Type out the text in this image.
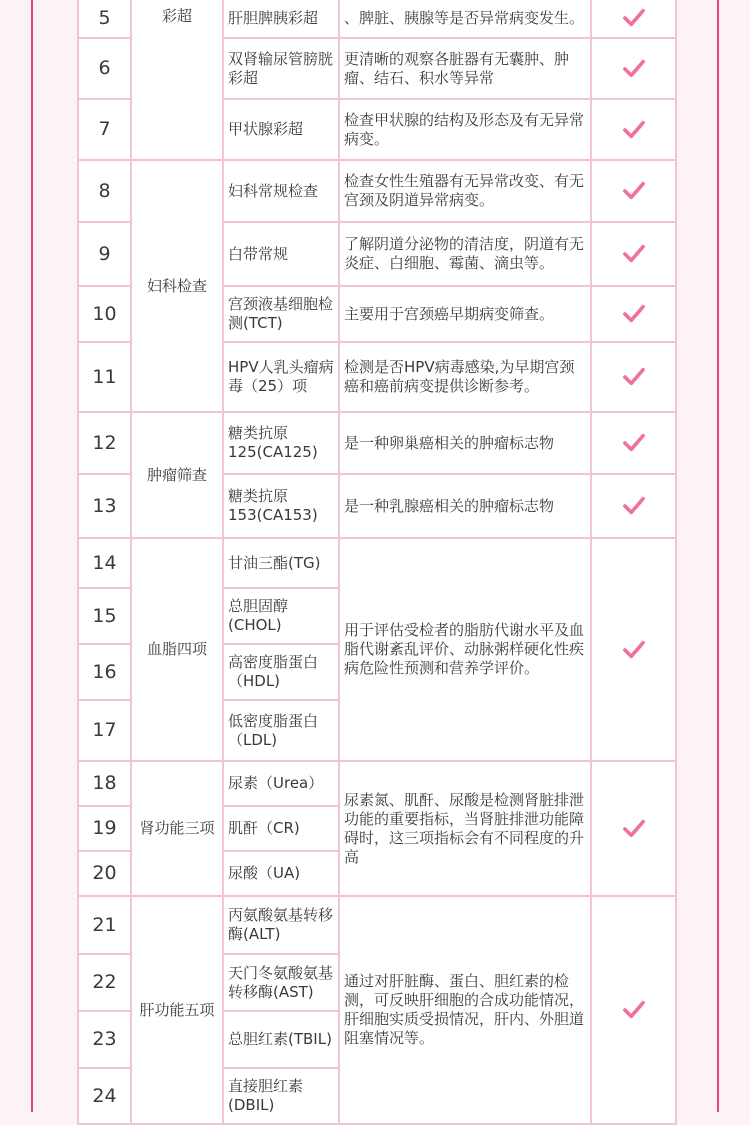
5	彩超	肝胆脾胰彩超	、脾脏、胰腺等是否异常病变发生。	
6		双肾输尿管膀胱彩超	更清晰的观察各脏器有无囊肿、肿瘤、结石、积水等异常	
7		甲状腺彩超	检查甲状腺的结构及形态及有无异常病变。	
8	妇科检查	妇科常规检查	检查女性生殖器有无异常改变、有无宫颈及阴道异常病变。	
9		白带常规	了解阴道分泌物的清洁度，阴道有无炎症、白细胞、霉菌、滴虫等。	
10		宫颈液基细胞检测(TCT)	主要用于宫颈癌早期病变筛查。	
11		HPV人乳头瘤病毒（25）项	检测是否HPV病毒感染,为早期宫颈癌和癌前病变提供诊断参考。	
12	肿瘤筛查	糖类抗原125(CA125)	是一种卵巢癌相关的肿瘤标志物	
13		糖类抗原153(CA153)	是一种乳腺癌相关的肿瘤标志物	
14	血脂四项	甘油三酯(TG)	用于评估受检者的脂肪代谢水平及血脂代谢紊乱评价、动脉粥样硬化性疾病危险性预测和营养学评价。	
15		总胆固醇(CHOL)		
16		高密度脂蛋白（HDL)		
17		低密度脂蛋白（LDL)		
18	肾功能三项	尿素（Urea）	尿素氮、肌酐、尿酸是检测肾脏排泄功能的重要指标，当肾脏排泄功能障碍时，这三项指标会有不同程度的升高	
19		肌酐（CR)		
20		尿酸（UA)		
21	肝功能五项	丙氨酸氨基转移酶(ALT)	通过对肝脏酶、蛋白、胆红素的检测，可反映肝细胞的合成功能情况，肝细胞实质受损情况，肝内、外胆道阻塞情况等。	
22		天门冬氨酸氨基转移酶(AST)		
23		总胆红素(TBIL)		
24		直接胆红素(DBIL)		
